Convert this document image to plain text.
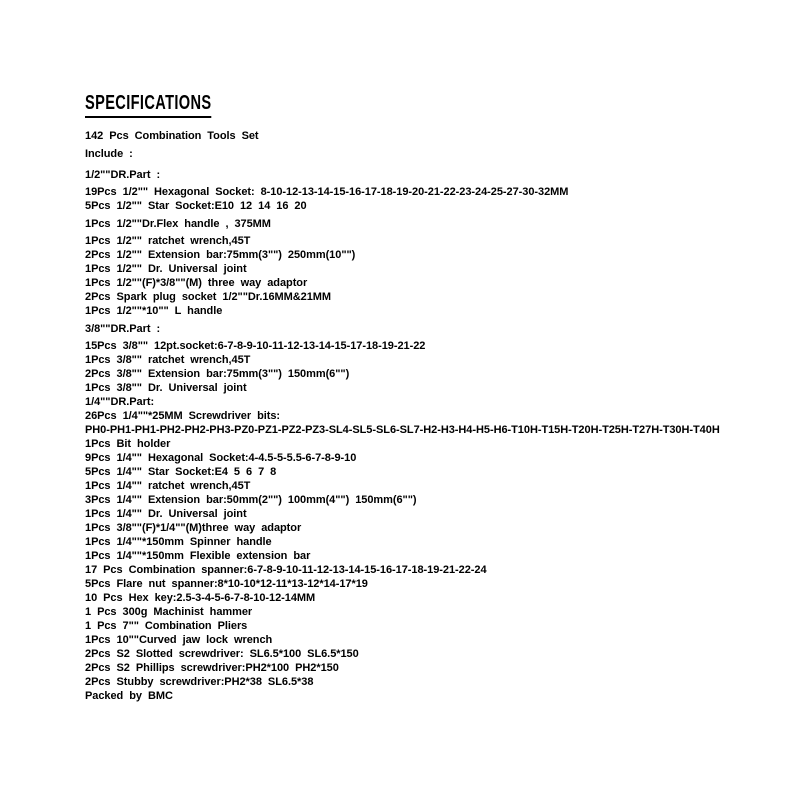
SPECIFICATIONS
142 Pcs Combination Tools Set
Include :
1/2""DR.Part :
19Pcs 1/2"" Hexagonal Socket: 8-10-12-13-14-15-16-17-18-19-20-21-22-23-24-25-27-30-32MM
5Pcs 1/2"" Star Socket:E10 12 14 16 20
1Pcs 1/2""Dr.Flex handle , 375MM
1Pcs 1/2"" ratchet wrench,45T
2Pcs 1/2"" Extension bar:75mm(3"") 250mm(10"")
1Pcs 1/2"" Dr. Universal joint
1Pcs 1/2""(F)*3/8""(M) three way adaptor
2Pcs Spark plug socket 1/2""Dr.16MM&21MM
1Pcs 1/2""*10"" L handle
3/8""DR.Part :
15Pcs 3/8"" 12pt.socket:6-7-8-9-10-11-12-13-14-15-17-18-19-21-22
1Pcs 3/8"" ratchet wrench,45T
2Pcs 3/8"" Extension bar:75mm(3"") 150mm(6"")
1Pcs 3/8"" Dr. Universal joint
1/4""DR.Part:
26Pcs 1/4""*25MM Screwdriver bits:
PH0-PH1-PH1-PH2-PH2-PH3-PZ0-PZ1-PZ2-PZ3-SL4-SL5-SL6-SL7-H2-H3-H4-H5-H6-T10H-T15H-T20H-T25H-T27H-T30H-T40H
1Pcs Bit holder
9Pcs 1/4"" Hexagonal Socket:4-4.5-5-5.5-6-7-8-9-10
5Pcs 1/4"" Star Socket:E4 5 6 7 8
1Pcs 1/4"" ratchet wrench,45T
3Pcs 1/4"" Extension bar:50mm(2"") 100mm(4"") 150mm(6"")
1Pcs 1/4"" Dr. Universal joint
1Pcs 3/8""(F)*1/4""(M)three way adaptor
1Pcs 1/4""*150mm Spinner handle
1Pcs 1/4""*150mm Flexible extension bar
17 Pcs Combination spanner:6-7-8-9-10-11-12-13-14-15-16-17-18-19-21-22-24
5Pcs Flare nut spanner:8*10-10*12-11*13-12*14-17*19
10 Pcs Hex key:2.5-3-4-5-6-7-8-10-12-14MM
1 Pcs 300g Machinist hammer
1 Pcs 7"" Combination Pliers
1Pcs 10""Curved jaw lock wrench
2Pcs S2 Slotted screwdriver: SL6.5*100 SL6.5*150
2Pcs S2 Phillips screwdriver:PH2*100 PH2*150
2Pcs Stubby screwdriver:PH2*38 SL6.5*38
Packed by BMC
